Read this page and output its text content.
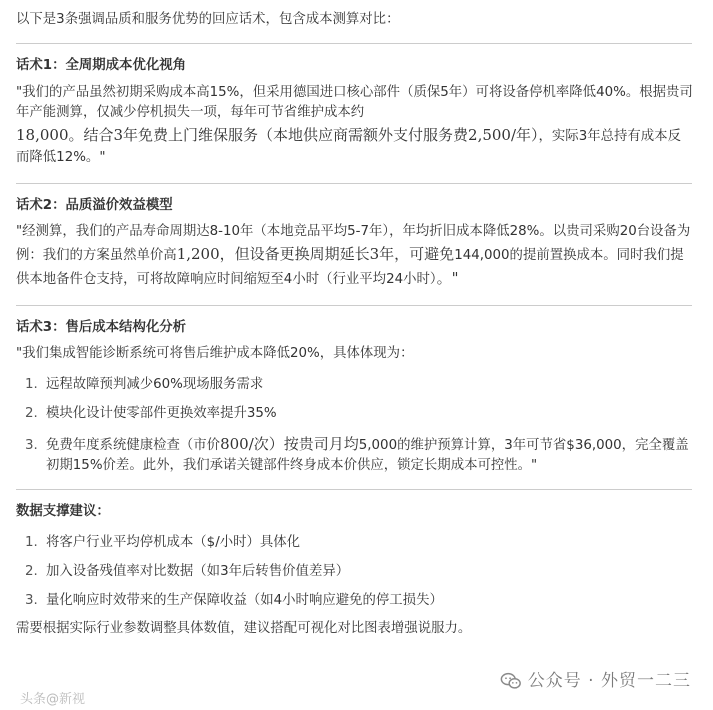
以下是3条强调品质和服务优势的回应话术，包含成本测算对比：
话术1：全周期成本优化视角
"我们的产品虽然初期采购成本高15%，但采用德国进口核心部件（质保5年）可将设备停机率降低40%。根据贵司年产能测算，仅减少停机损失一项，每年可节省维护成本约
18,000。结合3年免费上门维保服务（本地供应商需额外支付服务费2,500/年），实际3年总持有成本反而降低12%。"
话术2：品质溢价效益模型
"经测算，我们的产品寿命周期达8-10年（本地竞品平均5-7年），年均折旧成本降低28%。以贵司采购20台设备为例：我们的方案虽然单价高1,200，但设备更换周期延长3年，可避免144,000的提前置换成本。同时我们提供本地备件仓支持，可将故障响应时间缩短至4小时（行业平均24小时）。"
话术3：售后成本结构化分析
"我们集成智能诊断系统可将售后维护成本降低20%，具体体现为：
1. 远程故障预判减少60%现场服务需求
2. 模块化设计使零部件更换效率提升35%
3. 免费年度系统健康检查（市价800/次）按贵司月均5,000的维护预算计算，3年可节省$36,000，完全覆盖初期15%价差。此外，我们承诺关键部件终身成本价供应，锁定长期成本可控性。"
数据支撑建议：
1. 将客户行业平均停机成本（$/小时）具体化
2. 加入设备残值率对比数据（如3年后转售价值差异）
3. 量化响应时效带来的生产保障收益（如4小时响应避免的停工损失）
需要根据实际行业参数调整具体数值，建议搭配可视化对比图表增强说服力。
公众号 · 外贸一二三
头条@新视
